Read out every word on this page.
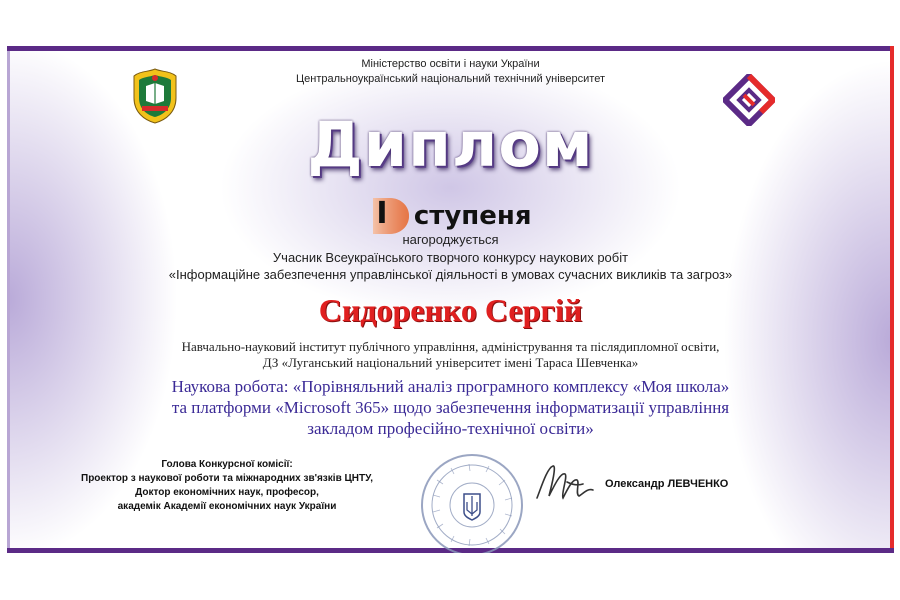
Міністерство освіти і науки України
Центральноукраїнський національний технічний університет
Диплом
I ступеня
нагороджується
Учасник Всеукраїнського творчого конкурсу наукових робіт
«Інформаційне забезпечення управлінської діяльності в умовах сучасних викликів та загроз»
Сидоренко Сергій
Навчально-науковий інститут публічного управління, адміністрування та післядипломної освіти,
ДЗ «Луганський національний університет імені Тараса Шевченка»
Наукова робота: «Порівняльний аналіз програмного комплексу «Моя школа»
та платформи «Microsoft 365» щодо забезпечення інформатизації управління
закладом професійно-технічної освіти»
Голова Конкурсної комісії:
Проектор з наукової роботи та міжнародних зв'язків ЦНТУ,
Доктор економічних наук, професор,
академік Академії економічних наук України
Олександр ЛЕВЧЕНКО
